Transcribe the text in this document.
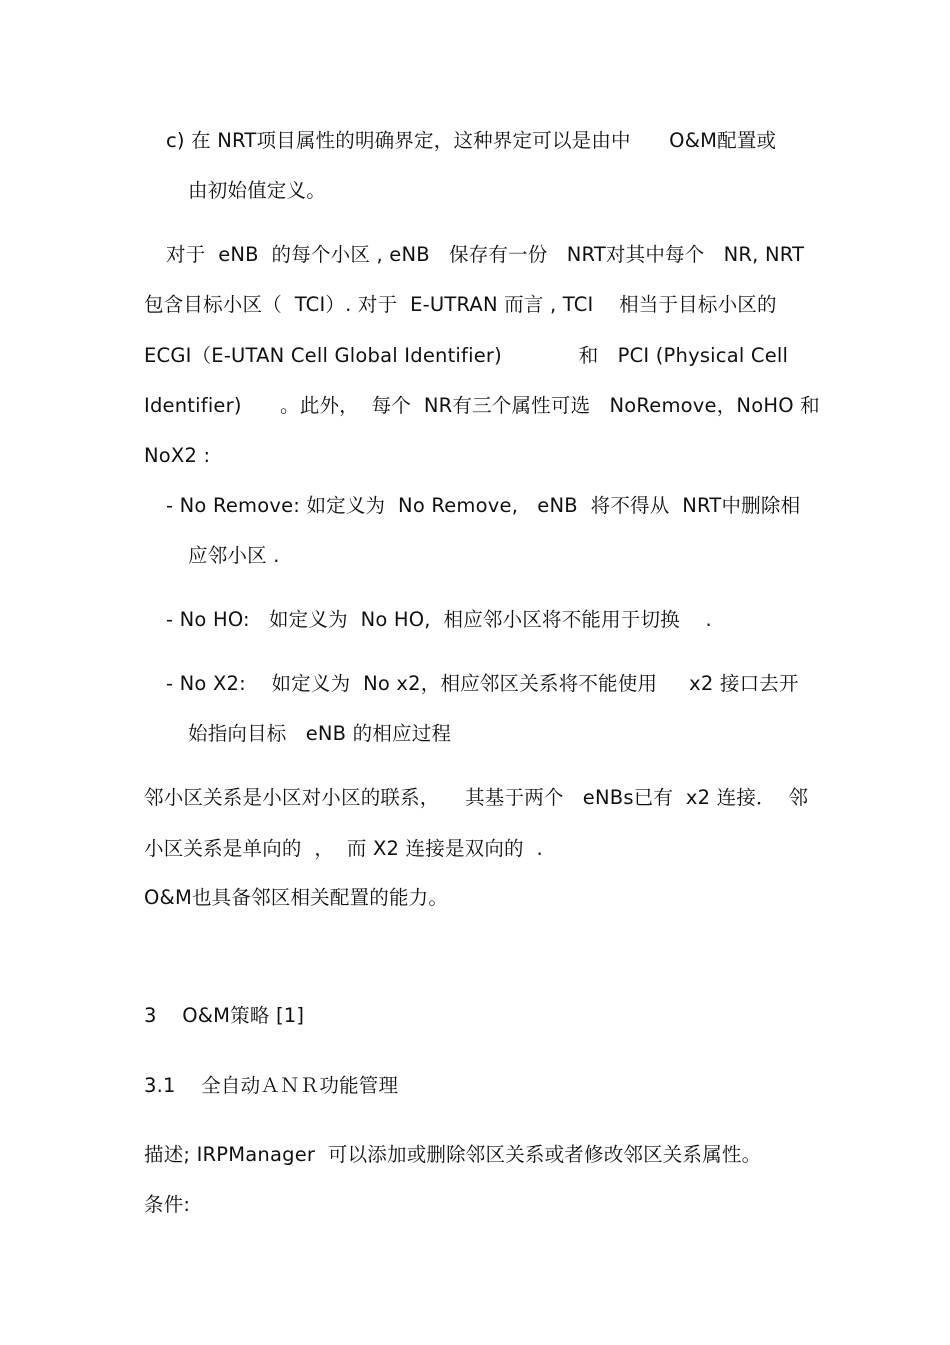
c) 在 NRT项目属性的明确界定，这种界定可以是由中      O&M配置或
由初始值定义。
对于  eNB  的每个小区 , eNB   保存有一份   NRT对其中每个   NR, NRT
包含目标小区（  TCI）. 对于  E-UTRAN 而言 , TCI    相当于目标小区的
ECGI（E-UTAN Cell Global Identifier)            和   PCI (Physical Cell
Identifier)      。此外，  每个  NR有三个属性可选   NoRemove，NoHO 和
NoX2 :
- No Remove: 如定义为  No Remove,   eNB  将不得从  NRT中删除相
应邻小区 .
- No HO:   如定义为  No HO,  相应邻小区将不能用于切换    .
- No X2:    如定义为  No x2，相应邻区关系将不能使用     x2 接口去开
始指向目标   eNB 的相应过程
邻小区关系是小区对小区的联系，    其基于两个   eNBs已有  x2 连接．  邻
小区关系是单向的  ，  而 X2 连接是双向的  .
O&M也具备邻区相关配置的能力。
3    O&M策略 [1]
3.1    全自动ＡＮＲ功能管理
描述; IRPManager  可以添加或删除邻区关系或者修改邻区关系属性。
条件:
